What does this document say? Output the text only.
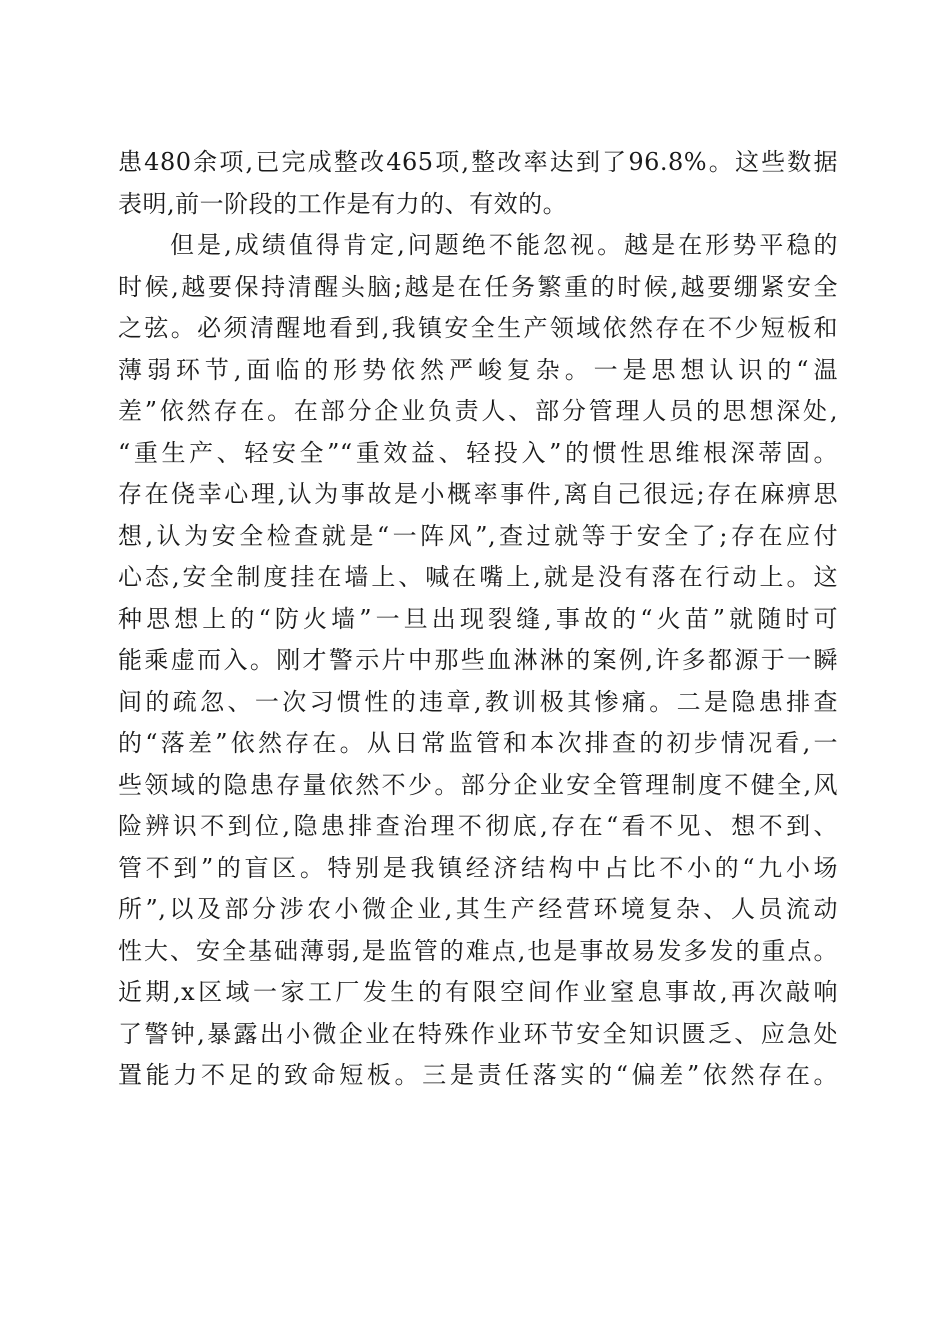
患480余项,已完成整改465项,整改率达到了96.8%。这些数据
表明,前一阶段的工作是有力的、有效的。
但是,成绩值得肯定,问题绝不能忽视。越是在形势平稳的
时候,越要保持清醒头脑;越是在任务繁重的时候,越要绷紧安全
之弦。必须清醒地看到,我镇安全生产领域依然存在不少短板和
薄弱环节,面临的形势依然严峻复杂。一是思想认识的“温
差”依然存在。在部分企业负责人、部分管理人员的思想深处,
“重生产、轻安全”“重效益、轻投入”的惯性思维根深蒂固。
存在侥幸心理,认为事故是小概率事件,离自己很远;存在麻痹思
想,认为安全检查就是“一阵风”,查过就等于安全了;存在应付
心态,安全制度挂在墙上、喊在嘴上,就是没有落在行动上。这
种思想上的“防火墙”一旦出现裂缝,事故的“火苗”就随时可
能乘虚而入。刚才警示片中那些血淋淋的案例,许多都源于一瞬
间的疏忽、一次习惯性的违章,教训极其惨痛。二是隐患排查
的“落差”依然存在。从日常监管和本次排查的初步情况看,一
些领域的隐患存量依然不少。部分企业安全管理制度不健全,风
险辨识不到位,隐患排查治理不彻底,存在“看不见、想不到、
管不到”的盲区。特别是我镇经济结构中占比不小的“九小场
所”,以及部分涉农小微企业,其生产经营环境复杂、人员流动
性大、安全基础薄弱,是监管的难点,也是事故易发多发的重点。
近期,x区域一家工厂发生的有限空间作业窒息事故,再次敲响
了警钟,暴露出小微企业在特殊作业环节安全知识匮乏、应急处
置能力不足的致命短板。三是责任落实的“偏差”依然存在。
